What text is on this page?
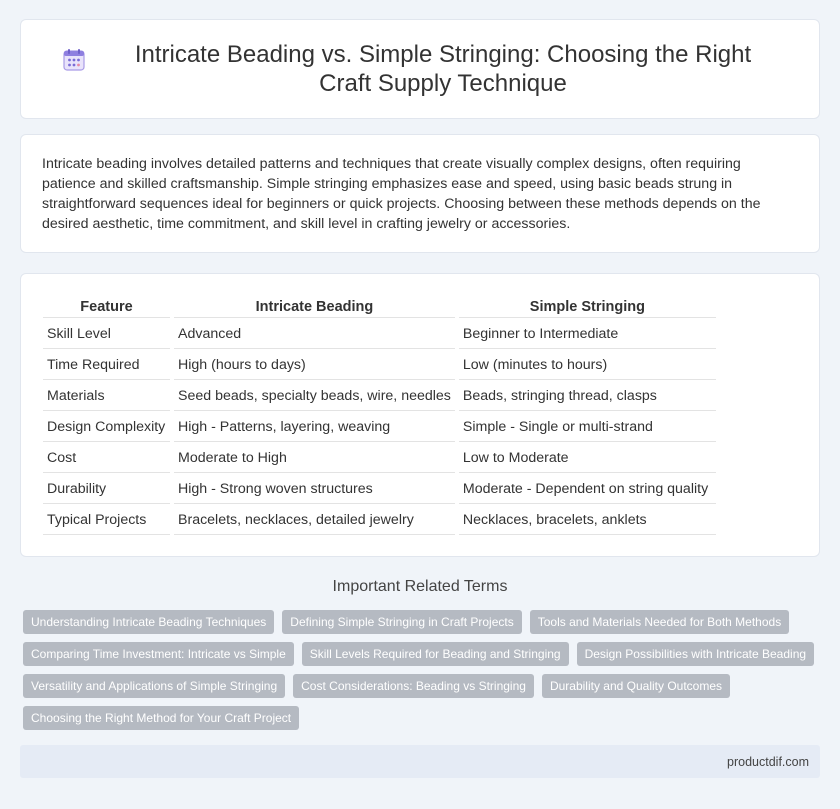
Intricate Beading vs. Simple Stringing: Choosing the Right Craft Supply Technique

Intricate beading involves detailed patterns and techniques that create visually complex designs, often requiring patience and skilled craftsmanship. Simple stringing emphasizes ease and speed, using basic beads strung in straightforward sequences ideal for beginners or quick projects. Choosing between these methods depends on the desired aesthetic, time commitment, and skill level in crafting jewelry or accessories.

Feature	Intricate Beading	Simple Stringing
Skill Level	Advanced	Beginner to Intermediate
Time Required	High (hours to days)	Low (minutes to hours)
Materials	Seed beads, specialty beads, wire, needles	Beads, stringing thread, clasps
Design Complexity	High - Patterns, layering, weaving	Simple - Single or multi-strand
Cost	Moderate to High	Low to Moderate
Durability	High - Strong woven structures	Moderate - Dependent on string quality
Typical Projects	Bracelets, necklaces, detailed jewelry	Necklaces, bracelets, anklets
Important Related Terms
Understanding Intricate Beading Techniques	Defining Simple Stringing in Craft Projects	Tools and Materials Needed for Both Methods
Comparing Time Investment: Intricate vs Simple	Skill Levels Required for Beading and Stringing	Design Possibilities with Intricate Beading
Versatility and Applications of Simple Stringing	Cost Considerations: Beading vs Stringing	Durability and Quality Outcomes
Choosing the Right Method for Your Craft Project
productdif.com
